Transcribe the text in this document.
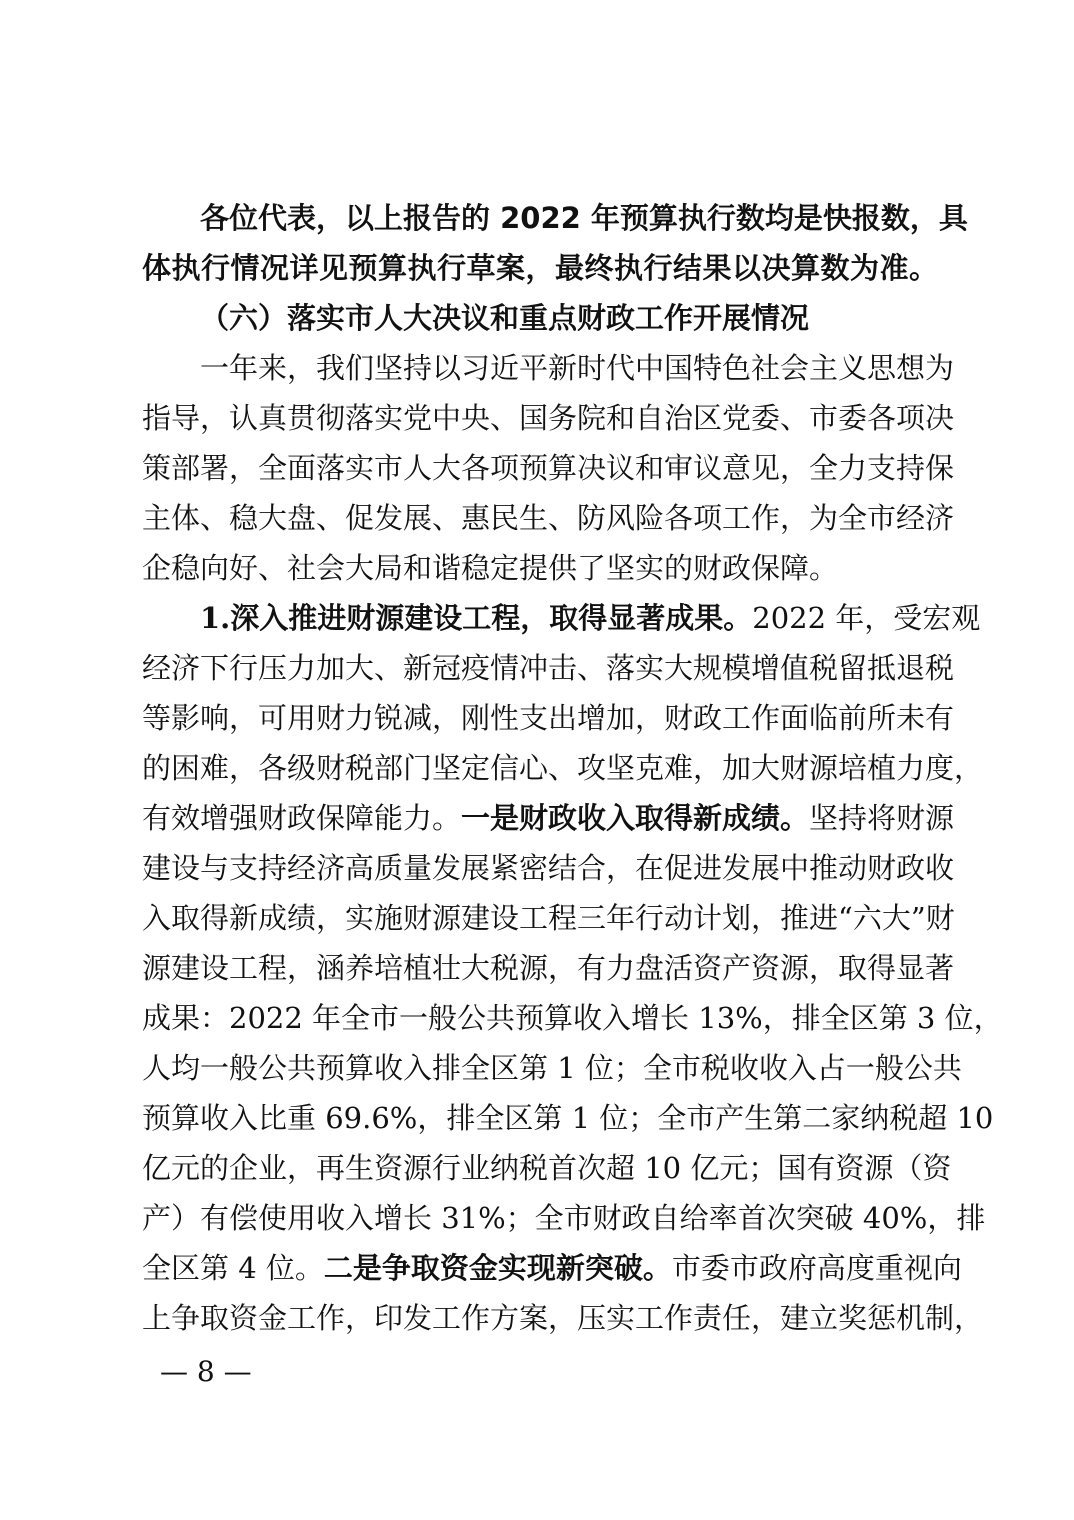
各位代表，以上报告的 2022 年预算执行数均是快报数，具
体执行情况详见预算执行草案，最终执行结果以决算数为准。
（六）落实市人大决议和重点财政工作开展情况
一年来，我们坚持以习近平新时代中国特色社会主义思想为
指导，认真贯彻落实党中央、国务院和自治区党委、市委各项决
策部署，全面落实市人大各项预算决议和审议意见，全力支持保
主体、稳大盘、促发展、惠民生、防风险各项工作，为全市经济
企稳向好、社会大局和谐稳定提供了坚实的财政保障。
1.深入推进财源建设工程，取得显著成果。 2022 年，受宏观
经济下行压力加大、新冠疫情冲击、落实大规模增值税留抵退税
等影响，可用财力锐减，刚性支出增加，财政工作面临前所未有
的困难，各级财税部门坚定信心、攻坚克难，加大财源培植力度，
有效增强财政保障能力。 一是财政收入取得新成绩。 坚持将财源
建设与支持经济高质量发展紧密结合，在促进发展中推动财政收
入取得新成绩，实施财源建设工程三年行动计划，推进“六大”财
源建设工程，涵养培植壮大税源，有力盘活资产资源，取得显著
成果：2022 年全市一般公共预算收入增长 13%，排全区第 3 位，
人均一般公共预算收入排全区第 1 位；全市税收收入占一般公共
预算收入比重 69.6%，排全区第 1 位；全市产生第二家纳税超 10
亿元的企业，再生资源行业纳税首次超 10 亿元；国有资源（资
产）有偿使用收入增长 31%；全市财政自给率首次突破 40%，排
全区第 4 位。 二是争取资金实现新突破。 市委市政府高度重视向
上争取资金工作，印发工作方案，压实工作责任，建立奖惩机制，
— 8 —
